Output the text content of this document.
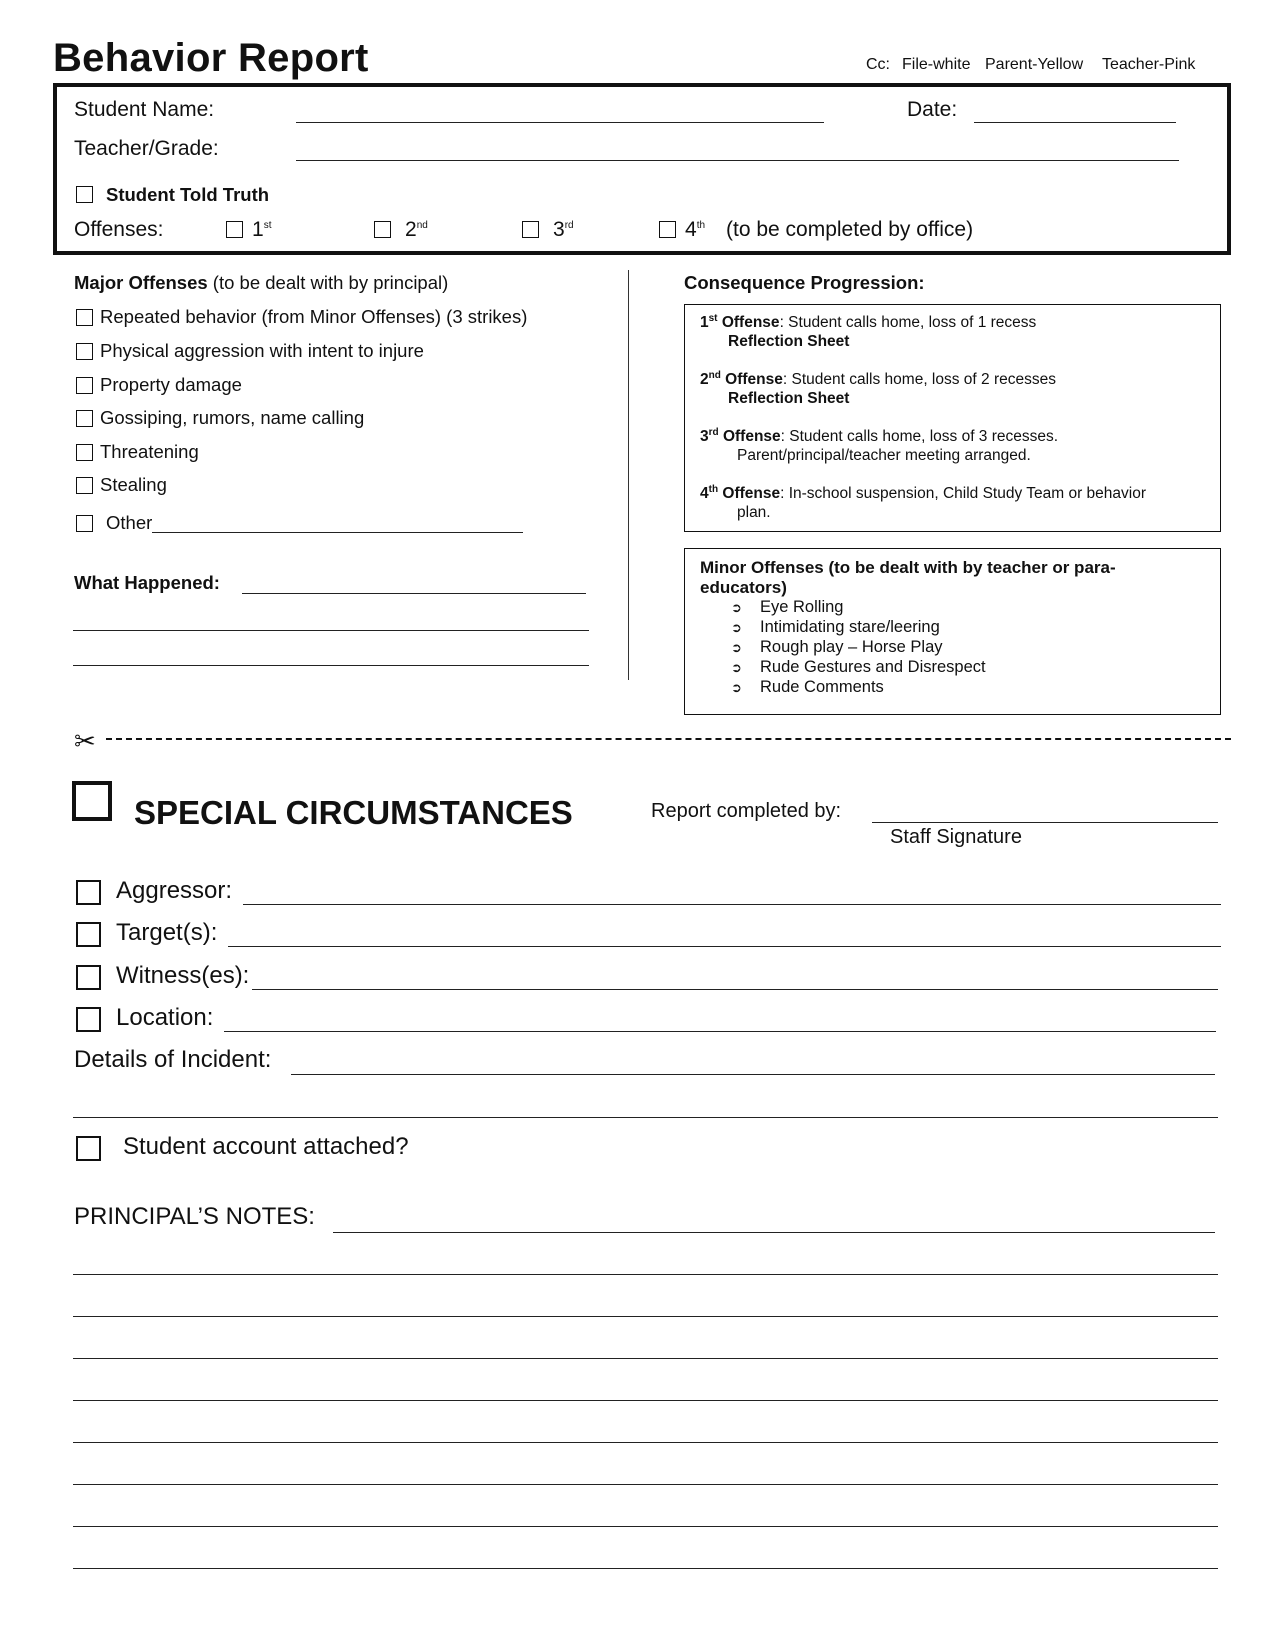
Behavior Report	Cc: File-white Parent-Yellow Teacher-Pink
Student Name:	Date:
Teacher/Grade:
Student Told Truth
Offenses:	1st	2nd	3rd	4th (to be completed by office)
Major Offenses (to be dealt with by principal)
Repeated behavior (from Minor Offenses) (3 strikes)
Physical aggression with intent to injure
Property damage
Gossiping, rumors, name calling
Threatening
Stealing
Other
What Happened:
Consequence Progression:
1st Offense: Student calls home, loss of 1 recess
Reflection Sheet
2nd Offense: Student calls home, loss of 2 recesses
Reflection Sheet
3rd Offense: Student calls home, loss of 3 recesses.
Parent/principal/teacher meeting arranged.
4th Offense: In-school suspension, Child Study Team or behavior
plan.
Minor Offenses (to be dealt with by teacher or para-
educators)
➲ Eye Rolling
➲ Intimidating stare/leering
➲ Rough play – Horse Play
➲ Rude Gestures and Disrespect
➲ Rude Comments
✂
SPECIAL CIRCUMSTANCES	Report completed by:
Staff Signature
Aggressor:
Target(s):
Witness(es):
Location:
Details of Incident:
Student account attached?
PRINCIPAL’S NOTES:
